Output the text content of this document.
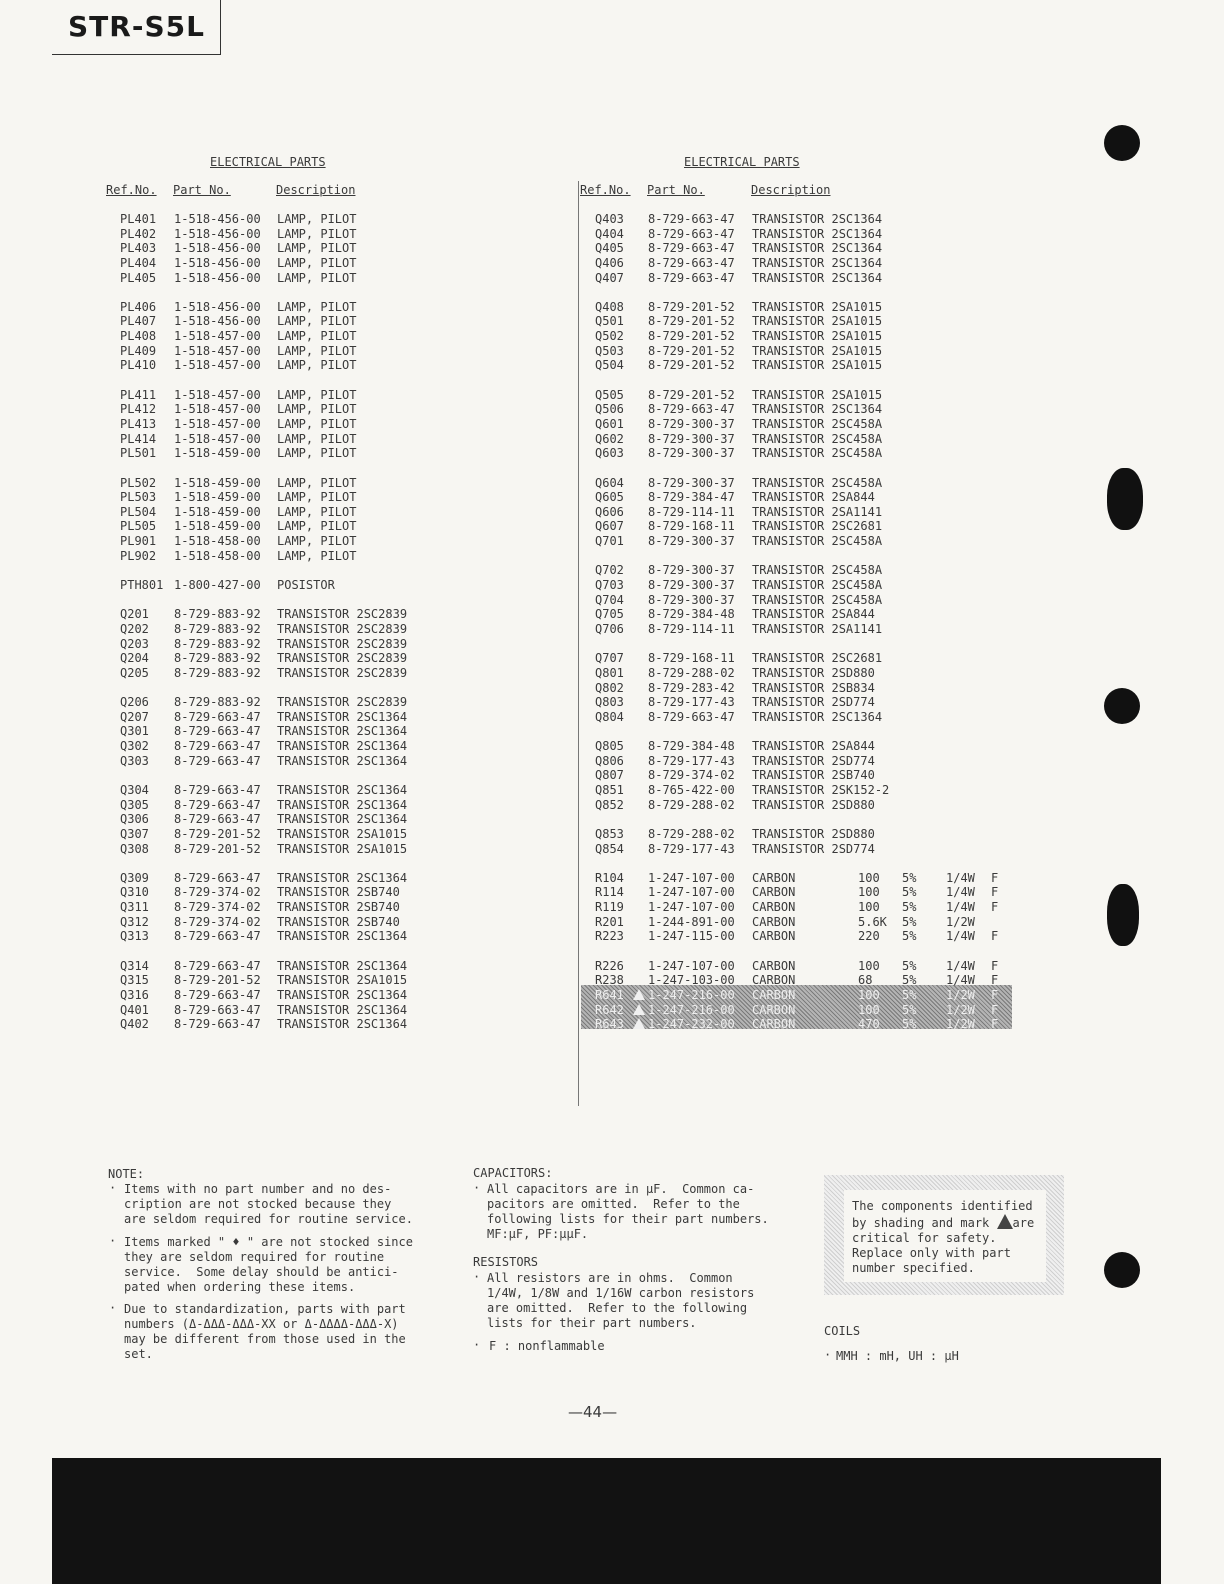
STR-S5L
ELECTRICAL PARTS
Ref.No. Part No.	Description
PL401 1-518-456-00 LAMP, PILOT
PL402 1-518-456-00 LAMP, PILOT
PL403 1-518-456-00 LAMP, PILOT
PL404 1-518-456-00 LAMP, PILOT
PL405 1-518-456-00 LAMP, PILOT
PL406 1-518-456-00 LAMP, PILOT
PL407 1-518-456-00 LAMP, PILOT
PL408 1-518-457-00 LAMP, PILOT
PL409 1-518-457-00 LAMP, PILOT
PL410 1-518-457-00 LAMP, PILOT
PL411 1-518-457-00 LAMP, PILOT
PL412 1-518-457-00 LAMP, PILOT
PL413 1-518-457-00 LAMP, PILOT
PL414 1-518-457-00 LAMP, PILOT
PL501 1-518-459-00 LAMP, PILOT
PL502 1-518-459-00 LAMP, PILOT
PL503 1-518-459-00 LAMP, PILOT
PL504 1-518-459-00 LAMP, PILOT
PL505 1-518-459-00 LAMP, PILOT
PL901 1-518-458-00 LAMP, PILOT
PL902 1-518-458-00 LAMP, PILOT
PTH801 1-800-427-00 POSISTOR
Q201 8-729-883-92 TRANSISTOR 2SC2839
Q202 8-729-883-92 TRANSISTOR 2SC2839
Q203 8-729-883-92 TRANSISTOR 2SC2839
Q204 8-729-883-92 TRANSISTOR 2SC2839
Q205 8-729-883-92 TRANSISTOR 2SC2839
Q206 8-729-883-92 TRANSISTOR 2SC2839
Q207 8-729-663-47 TRANSISTOR 2SC1364
Q301 8-729-663-47 TRANSISTOR 2SC1364
Q302 8-729-663-47 TRANSISTOR 2SC1364
Q303 8-729-663-47 TRANSISTOR 2SC1364
Q304 8-729-663-47 TRANSISTOR 2SC1364
Q305 8-729-663-47 TRANSISTOR 2SC1364
Q306 8-729-663-47 TRANSISTOR 2SC1364
Q307 8-729-201-52 TRANSISTOR 2SA1015
Q308 8-729-201-52 TRANSISTOR 2SA1015
Q309 8-729-663-47 TRANSISTOR 2SC1364
Q310 8-729-374-02 TRANSISTOR 2SB740
Q311 8-729-374-02 TRANSISTOR 2SB740
Q312 8-729-374-02 TRANSISTOR 2SB740
Q313 8-729-663-47 TRANSISTOR 2SC1364
Q314 8-729-663-47 TRANSISTOR 2SC1364
Q315 8-729-201-52 TRANSISTOR 2SA1015
Q316 8-729-663-47 TRANSISTOR 2SC1364
Q401 8-729-663-47 TRANSISTOR 2SC1364
Q402 8-729-663-47 TRANSISTOR 2SC1364
ELECTRICAL PARTS
Ref.No. Part No.	Description
Q403 8-729-663-47 TRANSISTOR 2SC1364
Q404 8-729-663-47 TRANSISTOR 2SC1364
Q405 8-729-663-47 TRANSISTOR 2SC1364
Q406 8-729-663-47 TRANSISTOR 2SC1364
Q407 8-729-663-47 TRANSISTOR 2SC1364
Q408 8-729-201-52 TRANSISTOR 2SA1015
Q501 8-729-201-52 TRANSISTOR 2SA1015
Q502 8-729-201-52 TRANSISTOR 2SA1015
Q503 8-729-201-52 TRANSISTOR 2SA1015
Q504 8-729-201-52 TRANSISTOR 2SA1015
Q505 8-729-201-52 TRANSISTOR 2SA1015
Q506 8-729-663-47 TRANSISTOR 2SC1364
Q601 8-729-300-37 TRANSISTOR 2SC458A
Q602 8-729-300-37 TRANSISTOR 2SC458A
Q603 8-729-300-37 TRANSISTOR 2SC458A
Q604 8-729-300-37 TRANSISTOR 2SC458A
Q605 8-729-384-47 TRANSISTOR 2SA844
Q606 8-729-114-11 TRANSISTOR 2SA1141
Q607 8-729-168-11 TRANSISTOR 2SC2681
Q701 8-729-300-37 TRANSISTOR 2SC458A
Q702 8-729-300-37 TRANSISTOR 2SC458A
Q703 8-729-300-37 TRANSISTOR 2SC458A
Q704 8-729-300-37 TRANSISTOR 2SC458A
Q705 8-729-384-48 TRANSISTOR 2SA844
Q706 8-729-114-11 TRANSISTOR 2SA1141
Q707 8-729-168-11 TRANSISTOR 2SC2681
Q801 8-729-288-02 TRANSISTOR 2SD880
Q802 8-729-283-42 TRANSISTOR 2SB834
Q803 8-729-177-43 TRANSISTOR 2SD774
Q804 8-729-663-47 TRANSISTOR 2SC1364
Q805 8-729-384-48 TRANSISTOR 2SA844
Q806 8-729-177-43 TRANSISTOR 2SD774
Q807 8-729-374-02 TRANSISTOR 2SB740
Q851 8-765-422-00 TRANSISTOR 2SK152-2
Q852 8-729-288-02 TRANSISTOR 2SD880
Q853 8-729-288-02 TRANSISTOR 2SD880
Q854 8-729-177-43 TRANSISTOR 2SD774
R104 1-247-107-00 CARBON	100 5% 1/4W F
R114 1-247-107-00 CARBON	100 5% 1/4W F
R119 1-247-107-00 CARBON	100 5% 1/4W F
R201 1-244-891-00 CARBON	5.6K 5% 1/2W
R223 1-247-115-00 CARBON	220 5% 1/4W F
R226 1-247-107-00 CARBON	100 5% 1/4W F
R238 1-247-103-00 CARBON	68 5% 1/4W F
R641 1-247-216-00 CARBON	100 5% 1/2W F
R642 1-247-216-00 CARBON	100 5% 1/2W F
R643 1-247-232-00 CARBON	470 5% 1/2W F
NOTE:
· Items with no part number and no des-
cription are not stocked because they
are seldom required for routine service.
· Items marked " ♦ " are not stocked since
they are seldom required for routine
service.  Some delay should be antici-
pated when ordering these items.
· Due to standardization, parts with part
numbers (Δ-ΔΔΔ-ΔΔΔ-XX or Δ-ΔΔΔΔ-ΔΔΔ-X)
may be different from those used in the
set.
CAPACITORS:
· All capacitors are in μF.  Common ca-
pacitors are omitted.  Refer to the
following lists for their part numbers.
MF:μF, PF:μμF.
RESISTORS
· All resistors are in ohms.  Common
1/4W, 1/8W and 1/16W carbon resistors
are omitted.  Refer to the following
lists for their part numbers.
· F : nonflammable
The components identified
by shading and mark are
critical for safety.
Replace only with part
number specified.
COILS
· MMH : mH, UH : μH
—44—
